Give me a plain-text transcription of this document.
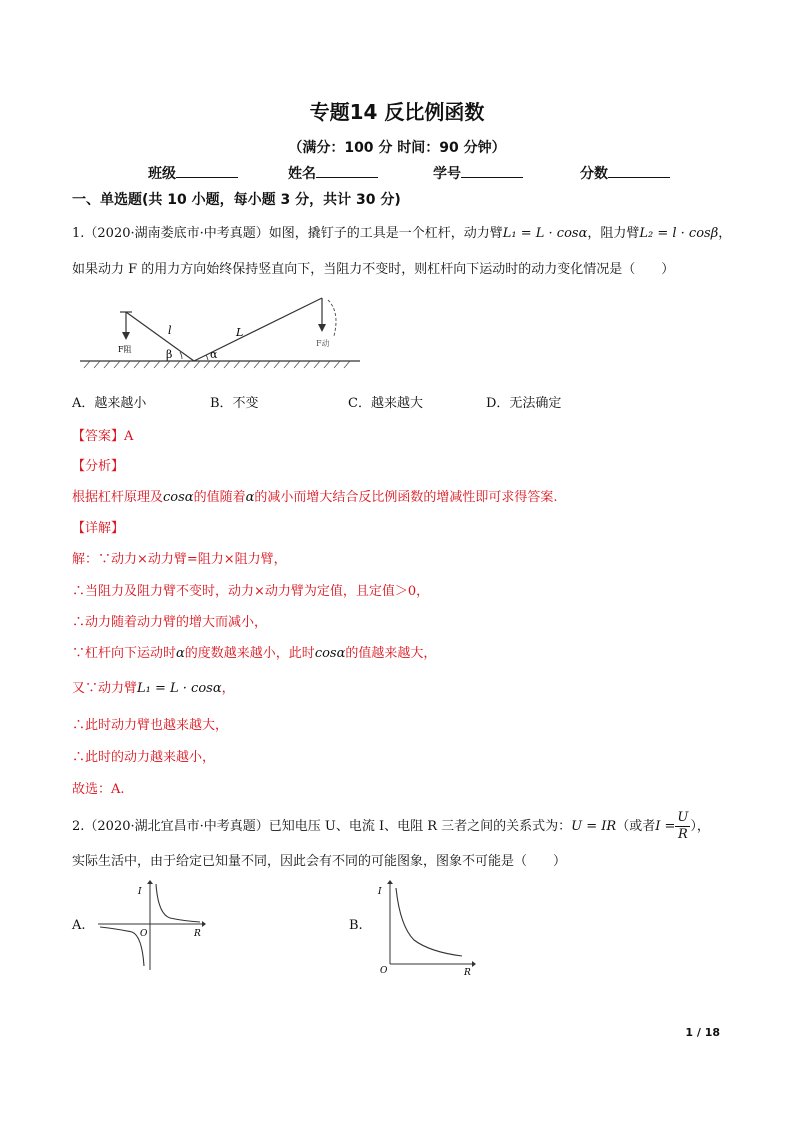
专题14 反比例函数
（满分：100 分 时间：90 分钟）
班级	姓名	学号	分数
一、单选题(共 10 小题，每小题 3 分，共计 30 分)
1.（2020·湖南娄底市·中考真题）如图，撬钉子的工具是一个杠杆，动力臂L₁ = L · cosα，阻力臂L₂ = l · cosβ，
如果动力 F 的用力方向始终保持竖直向下，当阻力不变时，则杠杆向下运动时的动力变化情况是（　　）
l	L
β	α
F阻
F动
A．越来越小	B．不变	C．越来越大	D．无法确定
【答案】A
【分析】
根据杠杆原理及cosα的值随着α的减小而增大结合反比例函数的增减性即可求得答案.
【详解】
解：∵动力×动力臂=阻力×阻力臂，
∴当阻力及阻力臂不变时，动力×动力臂为定值，且定值＞0，
∴动力随着动力臂的增大而减小，
∵杠杆向下运动时α的度数越来越小，此时cosα的值越来越大，
又∵动力臂L₁ = L · cosα，
∴此时动力臂也越来越大，
∴此时的动力越来越小，
故选：A.
2.（2020·湖北宜昌市·中考真题）已知电压 U、电流 I、电阻 R 三者之间的关系式为：U = IR（或者$I = \frac{U}{R}$ ），
实际生活中，由于给定已知量不同，因此会有不同的可能图象，图象不可能是（　　）
A.
I
O	R
B.
I
O	R
1 / 18
